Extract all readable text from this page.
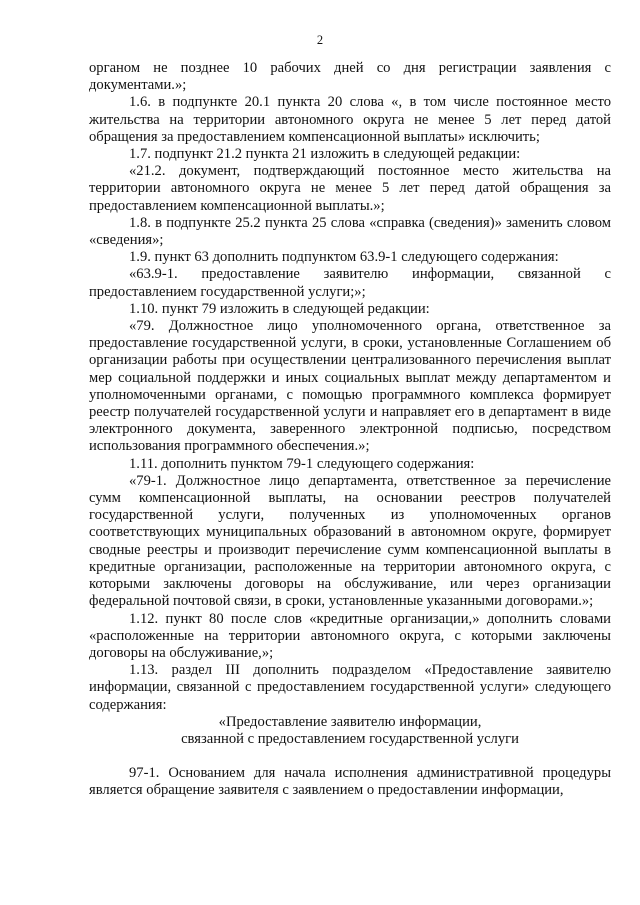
2

органом не позднее 10 рабочих дней со дня регистрации заявления с документами.»;

1.6. в подпункте 20.1 пункта 20 слова «, в том числе постоянное место жительства на территории автономного округа не менее 5 лет перед датой обращения за предоставлением компенсационной выплаты» исключить;

1.7. подпункт 21.2 пункта 21 изложить в следующей редакции:

«21.2. документ, подтверждающий постоянное место жительства на территории автономного округа не менее 5 лет перед датой обращения за предоставлением компенсационной выплаты.»;

1.8. в подпункте 25.2 пункта 25 слова «справка (сведения)» заменить словом «сведения»;

1.9. пункт 63 дополнить подпунктом 63.9-1 следующего содержания:

«63.9-1. предоставление заявителю информации, связанной с предоставлением государственной услуги;»;

1.10. пункт 79 изложить в следующей редакции:

«79. Должностное лицо уполномоченного органа, ответственное за предоставление государственной услуги, в сроки, установленные Соглашением об организации работы при осуществлении централизованного перечисления выплат мер социальной поддержки и иных социальных выплат между департаментом и уполномоченными органами, с помощью программного комплекса формирует реестр получателей государственной услуги и направляет его в департамент в виде электронного документа, заверенного электронной подписью, посредством использования программного обеспечения.»;

1.11. дополнить пунктом 79-1 следующего содержания:

«79-1. Должностное лицо департамента, ответственное за перечисление сумм компенсационной выплаты, на основании реестров получателей государственной услуги, полученных из уполномоченных органов соответствующих муниципальных образований в автономном округе, формирует сводные реестры и производит перечисление сумм компенсационной выплаты в кредитные организации, расположенные на территории автономного округа, с которыми заключены договоры на обслуживание, или через организации федеральной почтовой связи, в сроки, установленные указанными договорами.»;

1.12. пункт 80 после слов «кредитные организации,» дополнить словами «расположенные на территории автономного округа, с которыми заключены договоры на обслуживание,»;

1.13. раздел III дополнить подразделом «Предоставление заявителю информации, связанной с предоставлением государственной услуги» следующего содержания:

«Предоставление заявителю информации,
связанной с предоставлением государственной услуги

97-1. Основанием для начала исполнения административной процедуры является обращение заявителя с заявлением о предоставлении информации,
